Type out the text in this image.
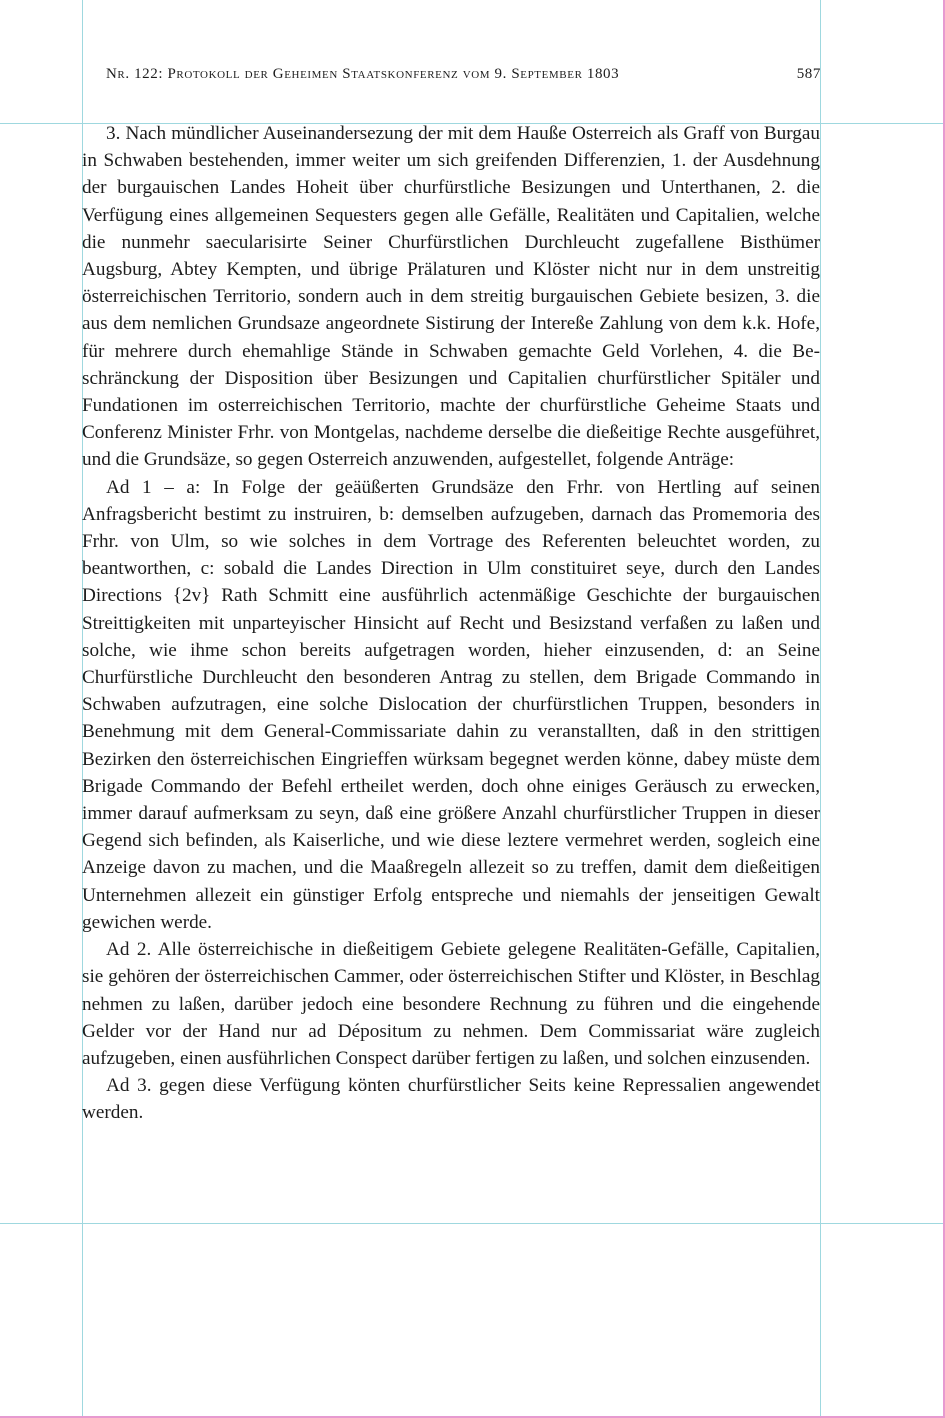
Nr. 122: Protokoll der Geheimen Staatskonferenz vom 9. September 1803	587

3. Nach mündlicher Auseinandersezung der mit dem Hauße Osterreich als Graff von Burgau in Schwaben bestehenden, immer weiter um sich greifenden Differenzien, 1. der Ausdehnung der burgauischen Landes Hoheit über churfürstliche Besizungen und Unterthanen, 2. die Verfügung eines allgemeinen Sequesters gegen alle Gefälle, Realitäten und Capitalien, welche die nunmehr saecularisirte Seiner Churfürstlichen Durchleucht zugefallene Bisthümer Augsburg, Abtey Kempten, und übrige Prälaturen und Klöster nicht nur in dem unstreitig österreichischen Territorio, sondern auch in dem streitig burgauischen Gebiete besizen, 3. die aus dem nemlichen Grundsaze angeordnete Sistirung der Intereße Zahlung von dem k.k. Hofe, für mehrere durch ehemahlige Stände in Schwaben gemachte Geld Vorlehen, 4. die Beschränckung der Disposition über Besizungen und Capitalien churfürstlicher Spitäler und Fundationen im osterreichischen Territorio, machte der churfürstliche Geheime Staats und Conferenz Minister Frhr. von Montgelas, nachdeme derselbe die dießeitige Rechte ausgeführet, und die Grundsäze, so gegen Osterreich anzuwenden, aufgestellet, folgende Anträge:

Ad 1 – a: In Folge der geäüßerten Grundsäze den Frhr. von Hertling auf seinen Anfragsbericht bestimt zu instruiren, b: demselben aufzugeben, darnach das Promemoria des Frhr. von Ulm, so wie solches in dem Vortrage des Referenten beleuchtet worden, zu beantworthen, c: sobald die Landes Direction in Ulm constituiret seye, durch den Landes Directions {2v} Rath Schmitt eine ausführlich actenmäßige Geschichte der burgauischen Streittigkeiten mit unparteyischer Hinsicht auf Recht und Besizstand verfaßen zu laßen und solche, wie ihme schon bereits aufgetragen worden, hieher einzusenden, d: an Seine Churfürstliche Durchleucht den besonderen Antrag zu stellen, dem Brigade Commando in Schwaben aufzutragen, eine solche Dislocation der churfürstlichen Truppen, besonders in Benehmung mit dem General-Commissariate dahin zu veranstallten, daß in den strittigen Bezirken den österreichischen Eingrieffen würksam begegnet werden könne, dabey müste dem Brigade Commando der Befehl ertheilet werden, doch ohne einiges Geräusch zu erwecken, immer darauf aufmerksam zu seyn, daß eine größere Anzahl churfürstlicher Truppen in dieser Gegend sich befinden, als Kaiserliche, und wie diese leztere vermehret werden, sogleich eine Anzeige davon zu machen, und die Maaßregeln allezeit so zu treffen, damit dem dießeitigen Unternehmen allezeit ein günstiger Erfolg entspreche und niemahls der jenseitigen Gewalt gewichen werde.

Ad 2. Alle österreichische in dießeitigem Gebiete gelegene Realitäten-Gefälle, Capitalien, sie gehören der österreichischen Cammer, oder österreichischen Stifter und Klöster, in Beschlag nehmen zu laßen, darüber jedoch eine besondere Rechnung zu führen und die eingehende Gelder vor der Hand nur ad Dépositum zu nehmen. Dem Commissariat wäre zugleich aufzugeben, einen ausführlichen Conspect darüber fertigen zu laßen, und solchen einzusenden.

Ad 3. gegen diese Verfügung könten churfürstlicher Seits keine Repressalien angewendet werden.
